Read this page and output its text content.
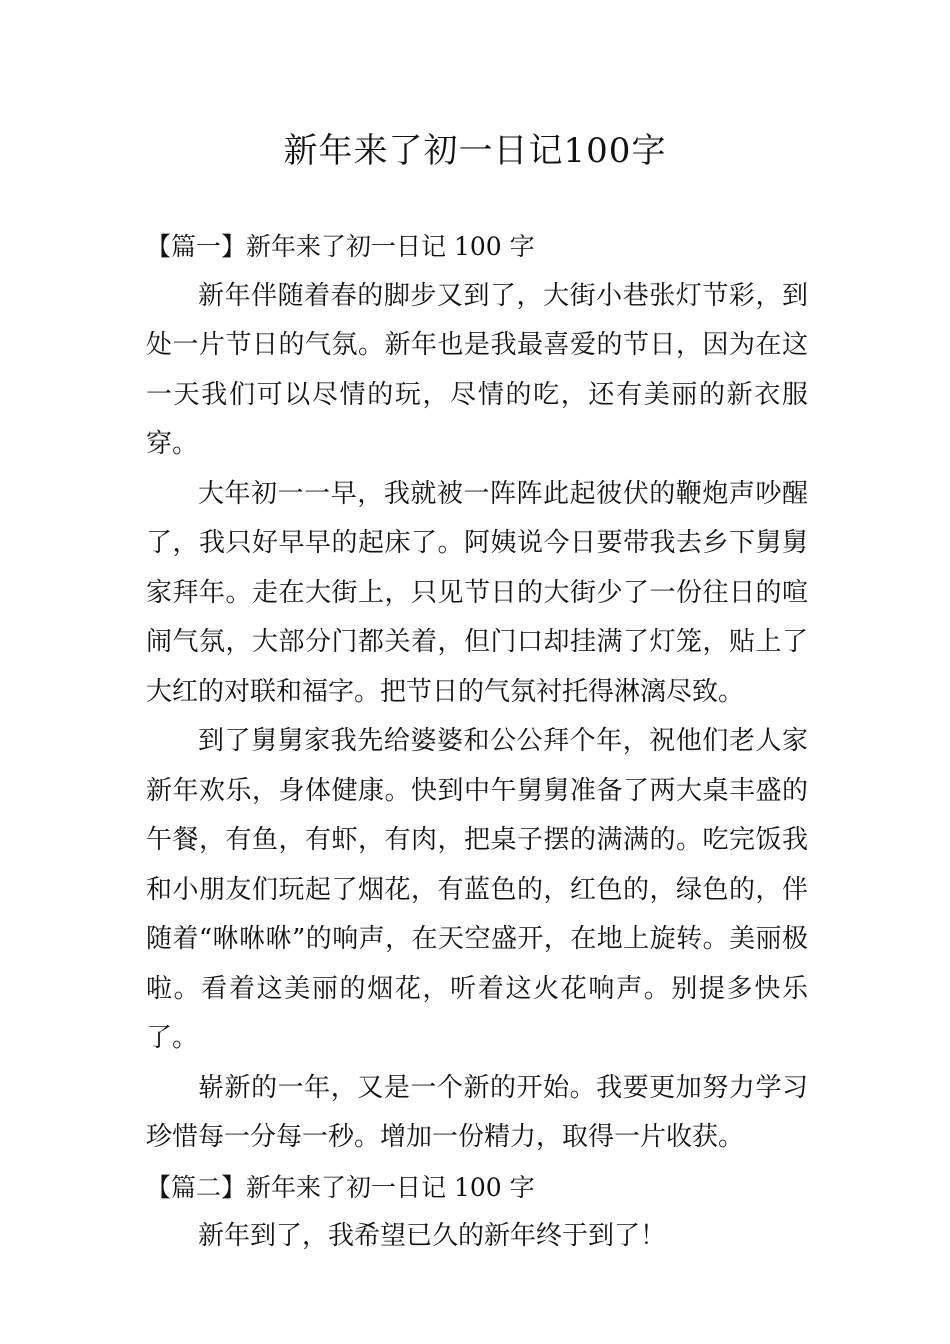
新年来了初一日记100字
【篇一】新年来了初一日记 100 字

新年伴随着春的脚步又到了，大街小巷张灯节彩，到处一片节日的气氛。新年也是我最喜爱的节日，因为在这一天我们可以尽情的玩，尽情的吃，还有美丽的新衣服穿。

大年初一一早，我就被一阵阵此起彼伏的鞭炮声吵醒了，我只好早早的起床了。阿姨说今日要带我去乡下舅舅家拜年。走在大街上，只见节日的大街少了一份往日的喧闹气氛，大部分门都关着，但门口却挂满了灯笼，贴上了大红的对联和福字。把节日的气氛衬托得淋漓尽致。

到了舅舅家我先给婆婆和公公拜个年，祝他们老人家新年欢乐，身体健康。快到中午舅舅准备了两大桌丰盛的午餐，有鱼，有虾，有肉，把桌子摆的满满的。吃完饭我和小朋友们玩起了烟花，有蓝色的，红色的，绿色的，伴随着“咻咻咻”的响声，在天空盛开，在地上旋转。美丽极啦。看着这美丽的烟花，听着这火花响声。别提多快乐了。

崭新的一年，又是一个新的开始。我要更加努力学习珍惜每一分每一秒。增加一份精力，取得一片收获。

【篇二】新年来了初一日记 100 字

新年到了，我希望已久的新年终于到了！
